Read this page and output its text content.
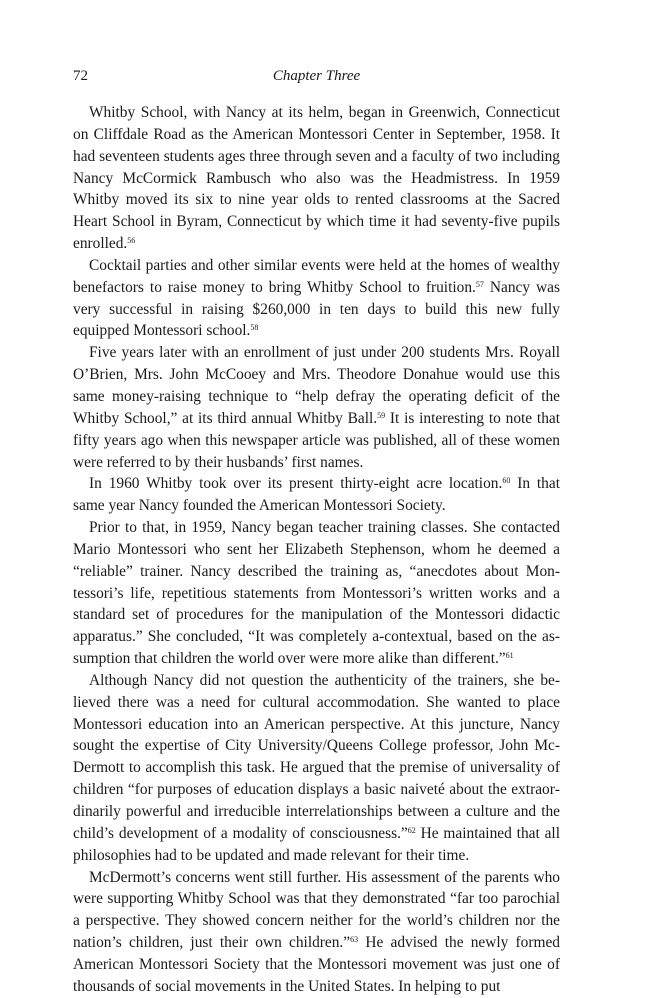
72	Chapter Three

Whitby School, with Nancy at its helm, began in Greenwich, Connecticut on Cliffdale Road as the American Montessori Center in September, 1958. It had seventeen students ages three through seven and a faculty of two including Nancy McCormick Rambusch who also was the Headmistress. In 1959 Whitby moved its six to nine year olds to rented classrooms at the Sacred Heart School in Byram, Connecticut by which time it had seventy-five pupils enrolled.$^{56}$

Cocktail parties and other similar events were held at the homes of wealthy benefactors to raise money to bring Whitby School to fruition.$^{57}$ Nancy was very successful in raising $260,000 in ten days to build this new fully equipped Montessori school.$^{58}$

Five years later with an enrollment of just under 200 students Mrs. Royall O’Brien, Mrs. John McCooey and Mrs. Theodore Donahue would use this same money-raising technique to “help defray the operating deficit of the Whitby School,” at its third annual Whitby Ball.$^{59}$ It is interesting to note that fifty years ago when this newspaper article was published, all of these women were referred to by their husbands’ first names.

In 1960 Whitby took over its present thirty-eight acre location.$^{60}$ In that same year Nancy founded the American Montessori Society.

Prior to that, in 1959, Nancy began teacher training classes. She contacted Mario Montessori who sent her Elizabeth Stephenson, whom he deemed a “reliable” trainer. Nancy described the training as, “anecdotes about Montessori’s life, repetitious statements from Montessori’s written works and a standard set of procedures for the manipulation of the Montessori didactic apparatus.” She concluded, “It was completely a-contextual, based on the assumption that children the world over were more alike than different.”$^{61}$

Although Nancy did not question the authenticity of the trainers, she believed there was a need for cultural accommodation. She wanted to place Montessori education into an American perspective. At this juncture, Nancy sought the expertise of City University/Queens College professor, John McDermott to accomplish this task. He argued that the premise of universality of children “for purposes of education displays a basic naiveté about the extraordinarily powerful and irreducible interrelationships between a culture and the child’s development of a modality of consciousness.”$^{62}$ He maintained that all philosophies had to be updated and made relevant for their time.

McDermott’s concerns went still further. His assessment of the parents who were supporting Whitby School was that they demonstrated “far too parochial a perspective. They showed concern neither for the world’s children nor the nation’s children, just their own children.”$^{63}$ He advised the newly formed American Montessori Society that the Montessori movement was just one of thousands of social movements in the United States. In helping to put
